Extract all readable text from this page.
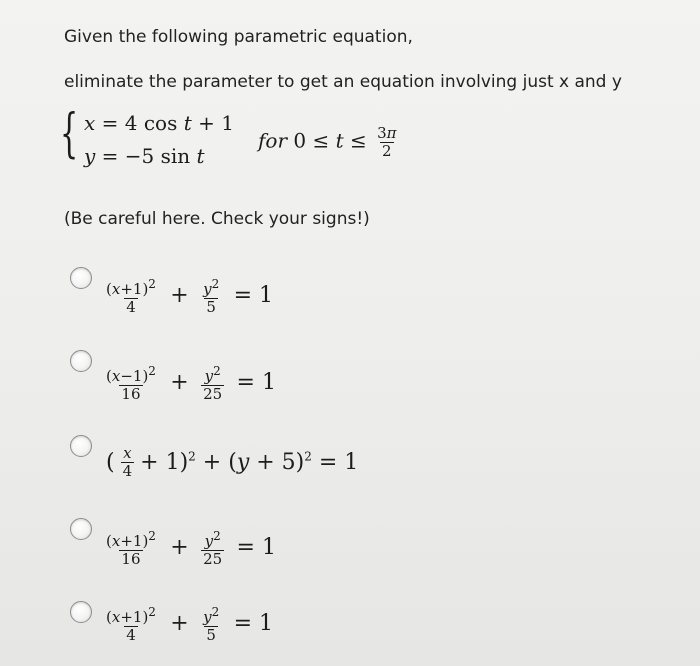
Given the following parametric equation,
eliminate the parameter to get an equation involving just x and y
{ x = 4 cos t + 1
y = −5 sin t
for $0 \le t \le \frac{3\pi}{2}$
(Be careful here. Check your signs!)
$\frac{(x+1)^2}{4} + \frac{y^2}{5} = 1$
$\frac{(x-1)^2}{16} + \frac{y^2}{25} = 1$
( $\frac{x}{4} + 1)^2 + (y + 5)^2 = 1$
$\frac{(x+1)^2}{16} + \frac{y^2}{25} = 1$
$\frac{(x+1)^2}{4} + \frac{y^2}{5} = 1$
